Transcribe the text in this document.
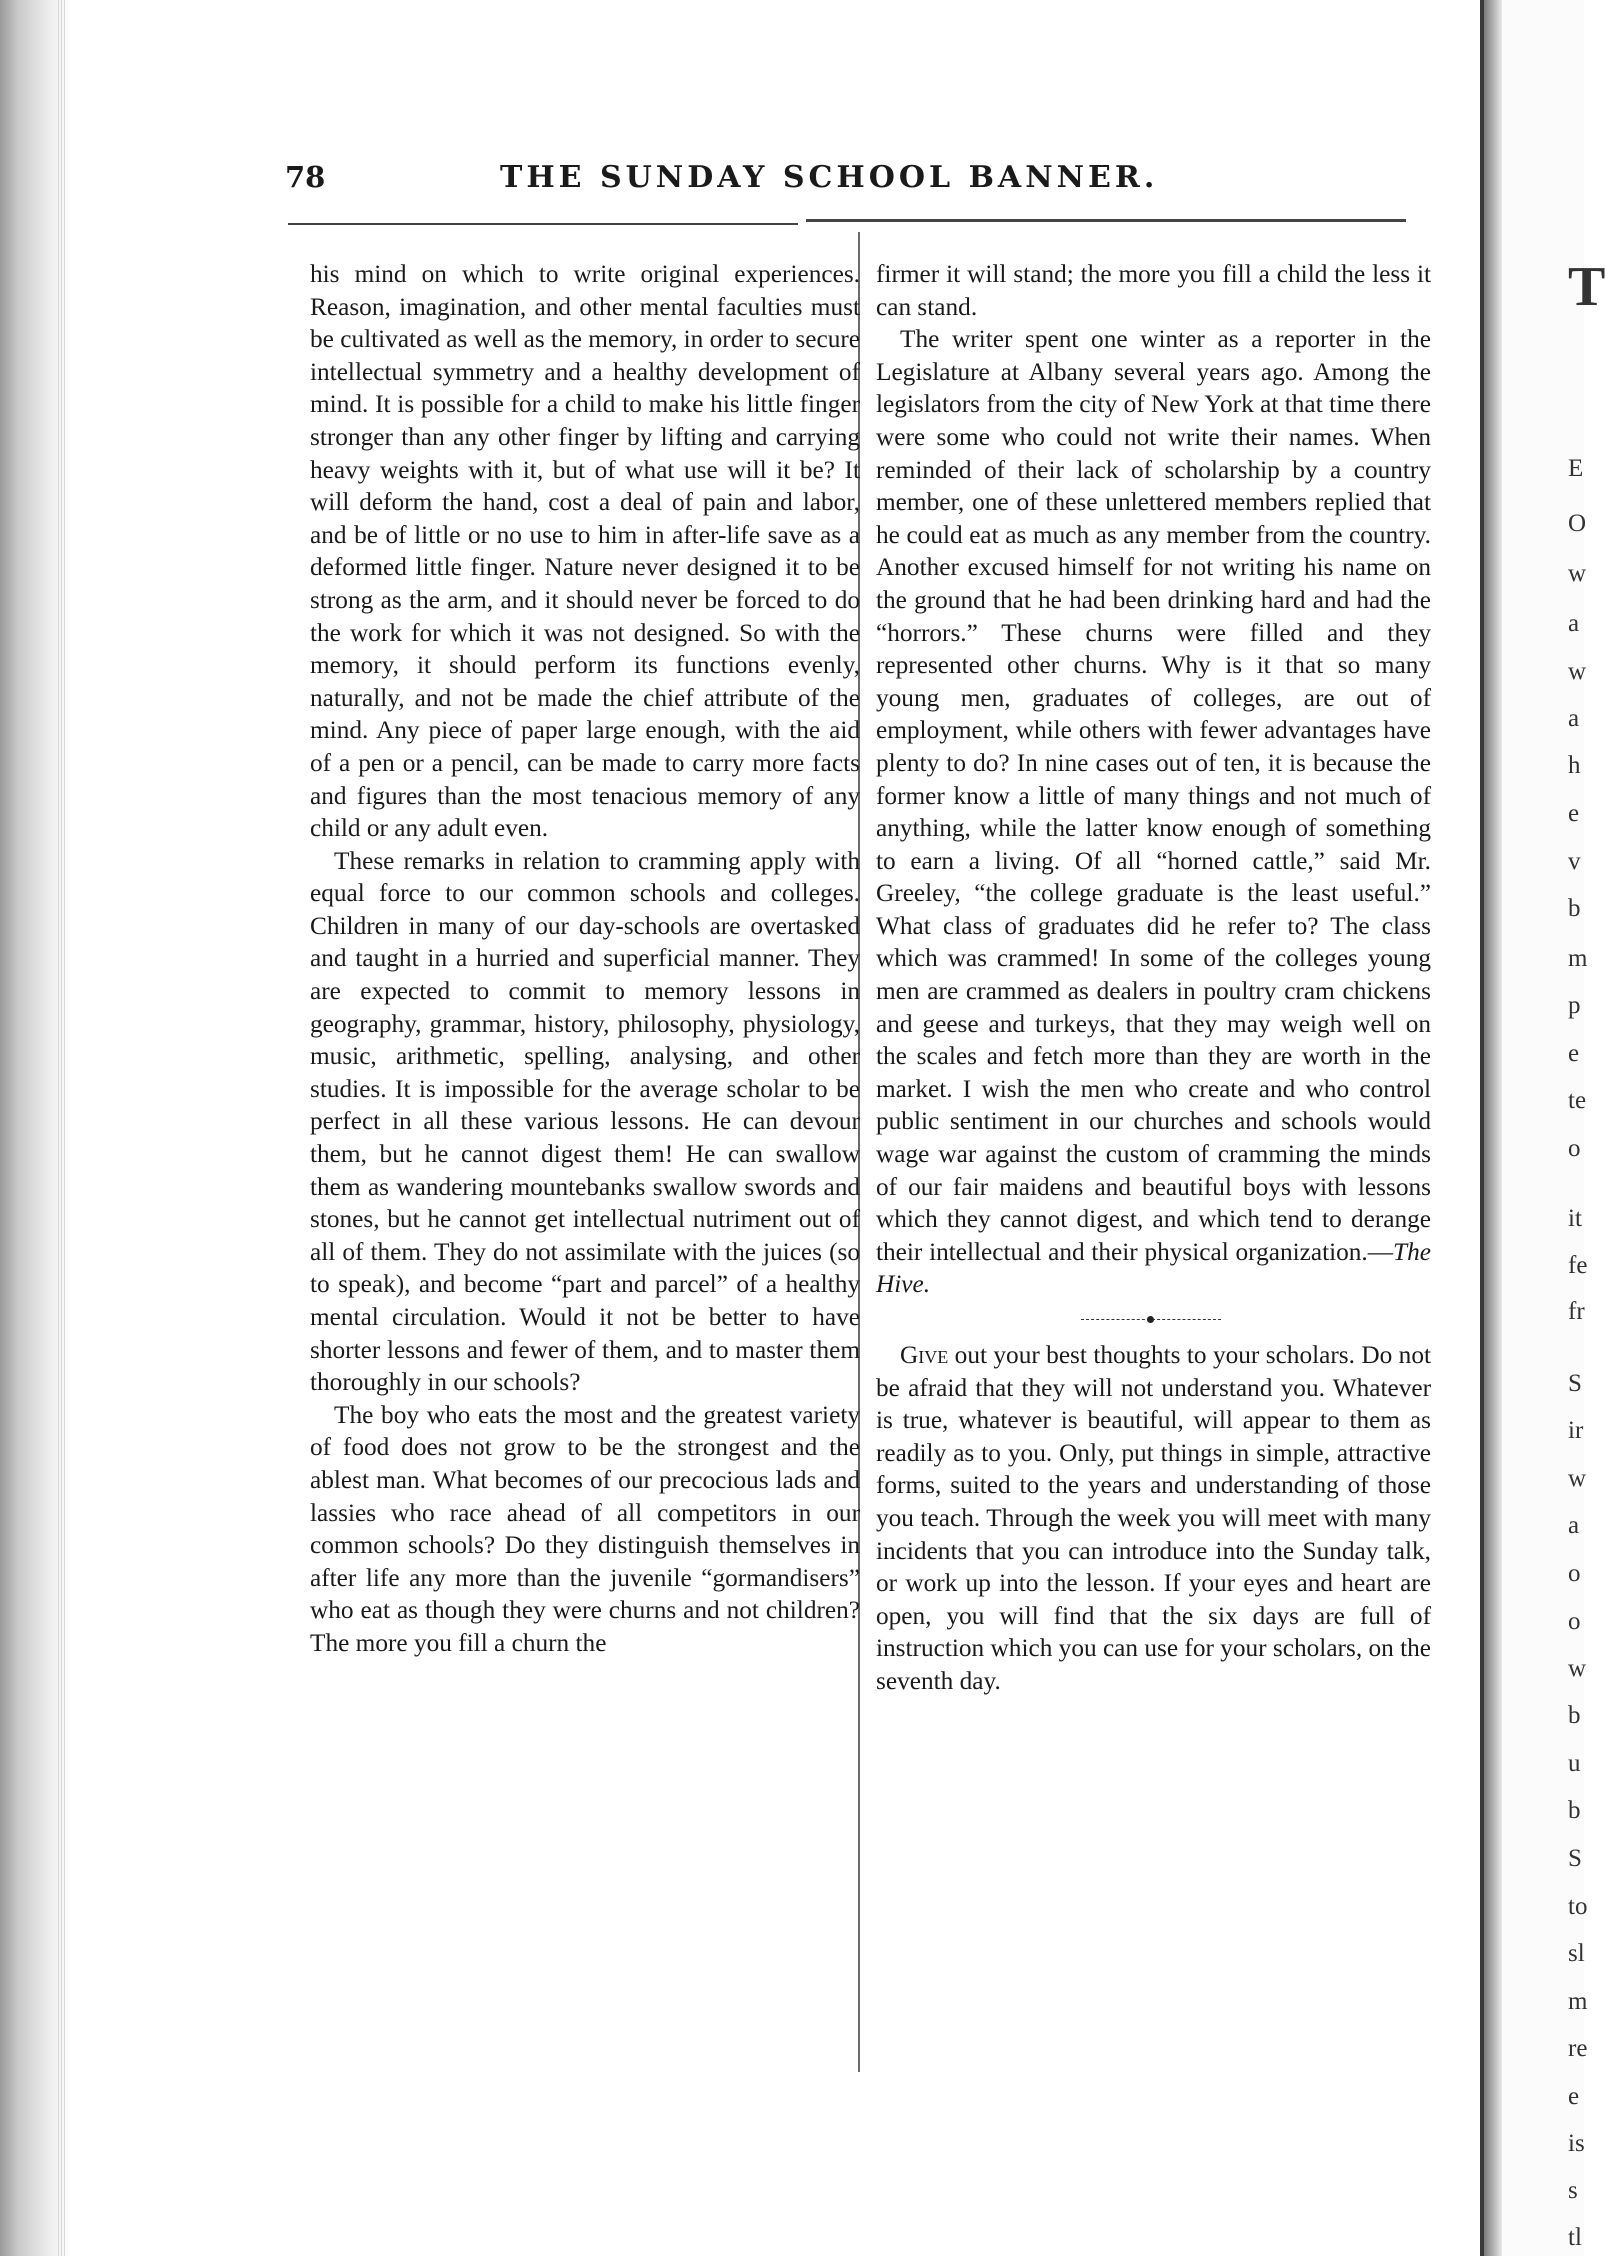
78	THE SUNDAY SCHOOL BANNER.

his mind on which to write original experiences. Reason, imagination, and other mental faculties must be cultivated as well as the memory, in order to secure intellectual symmetry and a healthy development of mind. It is possible for a child to make his little finger stronger than any other finger by lifting and carrying heavy weights with it, but of what use will it be? It will deform the hand, cost a deal of pain and labor, and be of little or no use to him in after-life save as a deformed little finger. Nature never designed it to be strong as the arm, and it should never be forced to do the work for which it was not designed. So with the memory, it should perform its functions evenly, naturally, and not be made the chief attribute of the mind. Any piece of paper large enough, with the aid of a pen or a pencil, can be made to carry more facts and figures than the most tenacious memory of any child or any adult even.

These remarks in relation to cramming apply with equal force to our common schools and colleges. Children in many of our day-schools are overtasked and taught in a hurried and superficial manner. They are expected to commit to memory lessons in geography, grammar, history, philosophy, physiology, music, arithmetic, spelling, analysing, and other studies. It is impossible for the average scholar to be perfect in all these various lessons. He can devour them, but he cannot digest them! He can swallow them as wandering mountebanks swallow swords and stones, but he cannot get intellectual nutriment out of all of them. They do not assimilate with the juices (so to speak), and become “part and parcel” of a healthy mental circulation. Would it not be better to have shorter lessons and fewer of them, and to master them thoroughly in our schools?

The boy who eats the most and the greatest variety of food does not grow to be the strongest and the ablest man. What becomes of our precocious lads and lassies who race ahead of all competitors in our common schools? Do they distinguish themselves in after life any more than the juvenile “gormandisers” who eat as though they were churns and not children? The more you fill a churn the

firmer it will stand; the more you fill a child the less it can stand.

The writer spent one winter as a reporter in the Legislature at Albany several years ago. Among the legislators from the city of New York at that time there were some who could not write their names. When reminded of their lack of scholarship by a country member, one of these unlettered members replied that he could eat as much as any member from the country. Another excused himself for not writing his name on the ground that he had been drinking hard and had the “horrors.” These churns were filled and they represented other churns. Why is it that so many young men, graduates of colleges, are out of employment, while others with fewer advantages have plenty to do? In nine cases out of ten, it is because the former know a little of many things and not much of anything, while the latter know enough of something to earn a living. Of all “horned cattle,” said Mr. Greeley, “the college graduate is the least useful.” What class of graduates did he refer to? The class which was crammed! In some of the colleges young men are crammed as dealers in poultry cram chickens and geese and turkeys, that they may weigh well on the scales and fetch more than they are worth in the market. I wish the men who create and who control public sentiment in our churches and schools would wage war against the custom of cramming the minds of our fair maidens and beautiful boys with lessons which they cannot digest, and which tend to derange their intellectual and their physical organization.—The Hive.

Give out your best thoughts to your scholars. Do not be afraid that they will not understand you. Whatever is true, whatever is beautiful, will appear to them as readily as to you. Only, put things in simple, attractive forms, suited to the years and understanding of those you teach. Through the week you will meet with many incidents that you can introduce into the Sunday talk, or work up into the lesson. If your eyes and heart are open, you will find that the six days are full of instruction which you can use for your scholars, on the seventh day.

T
E
O
w
a
w
a
h
e
v
b
m
p
e
te
o
it
fe
fr
S
ir
w
a
o
o
w
b
u
b
S
to
sl
m
re
e
is
s
tl
